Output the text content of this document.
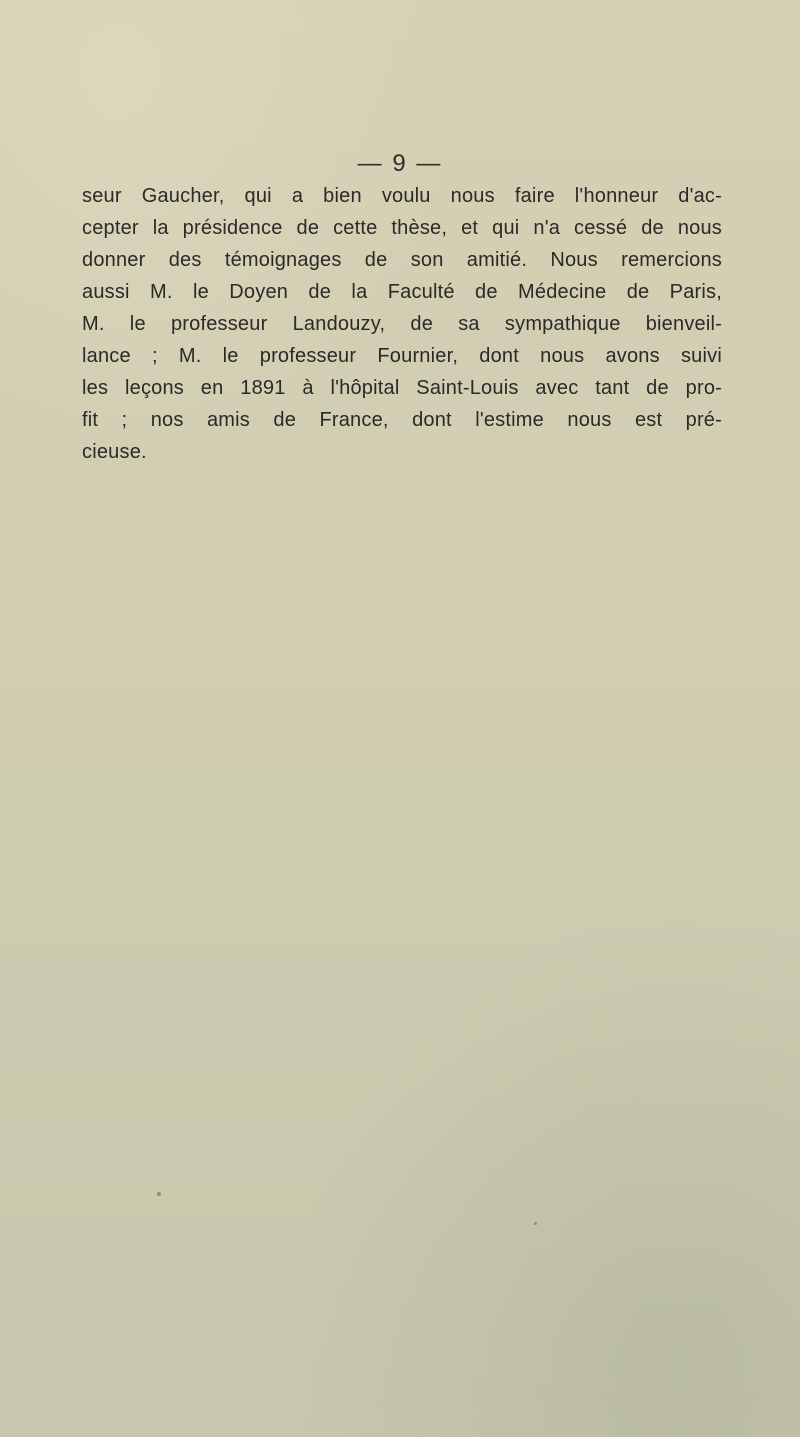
— 9 —
seur Gaucher, qui a bien voulu nous faire l'honneur d'ac-
cepter la présidence de cette thèse, et qui n'a cessé de nous
donner des témoignages de son amitié. Nous remercions
aussi M. le Doyen de la Faculté de Médecine de Paris,
M. le professeur Landouzy, de sa sympathique bienveil-
lance ; M. le professeur Fournier, dont nous avons suivi
les leçons en 1891 à l'hôpital Saint-Louis avec tant de pro-
fit ; nos amis de France, dont l'estime nous est pré-
cieuse.
